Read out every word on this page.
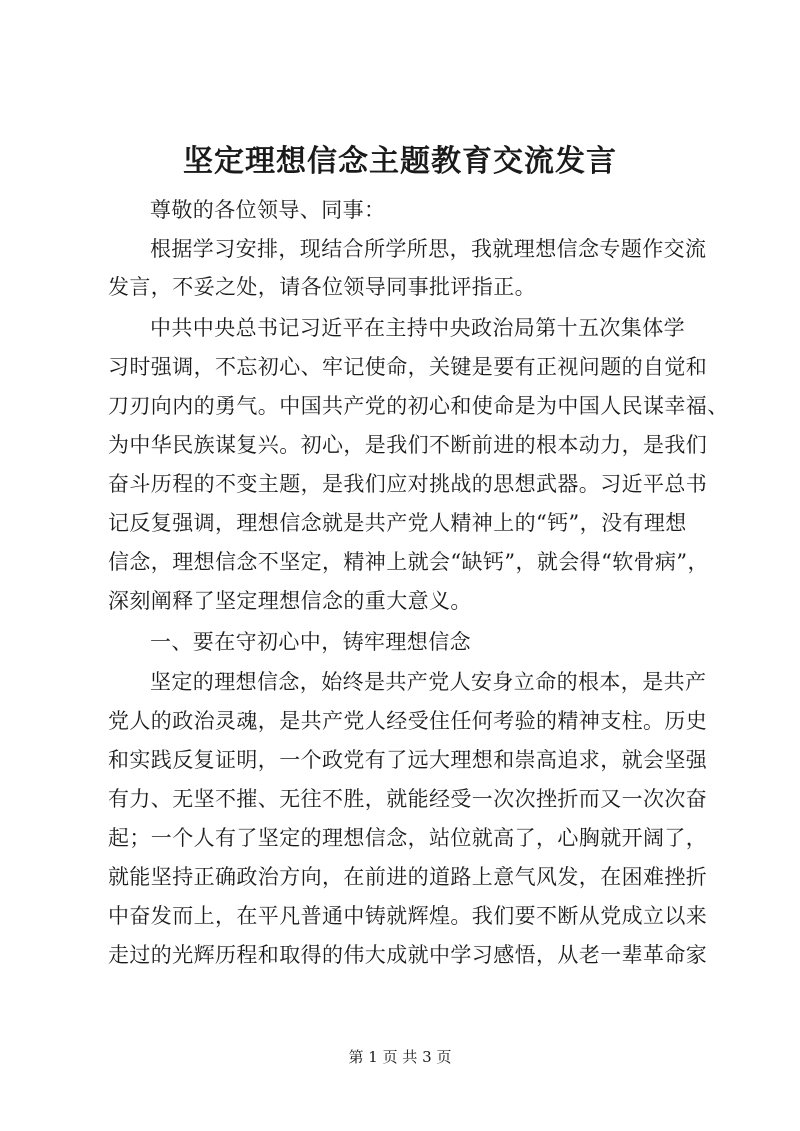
坚定理想信念主题教育交流发言
尊敬的各位领导、同事：
根据学习安排，现结合所学所思，我就理想信念专题作交流
发言，不妥之处，请各位领导同事批评指正。
中共中央总书记习近平在主持中央政治局第十五次集体学
习时强调，不忘初心、牢记使命，关键是要有正视问题的自觉和
刀刃向内的勇气。中国共产党的初心和使命是为中国人民谋幸福、
为中华民族谋复兴。初心，是我们不断前进的根本动力，是我们
奋斗历程的不变主题，是我们应对挑战的思想武器。习近平总书
记反复强调，理想信念就是共产党人精神上的“钙”，没有理想
信念，理想信念不坚定，精神上就会“缺钙”，就会得“软骨病”，
深刻阐释了坚定理想信念的重大意义。
一、要在守初心中，铸牢理想信念
坚定的理想信念，始终是共产党人安身立命的根本，是共产
党人的政治灵魂，是共产党人经受住任何考验的精神支柱。历史
和实践反复证明，一个政党有了远大理想和崇高追求，就会坚强
有力、无坚不摧、无往不胜，就能经受一次次挫折而又一次次奋
起；一个人有了坚定的理想信念，站位就高了，心胸就开阔了，
就能坚持正确政治方向，在前进的道路上意气风发，在困难挫折
中奋发而上，在平凡普通中铸就辉煌。我们要不断从党成立以来
走过的光辉历程和取得的伟大成就中学习感悟，从老一辈革命家
第 1 页 共 3 页
